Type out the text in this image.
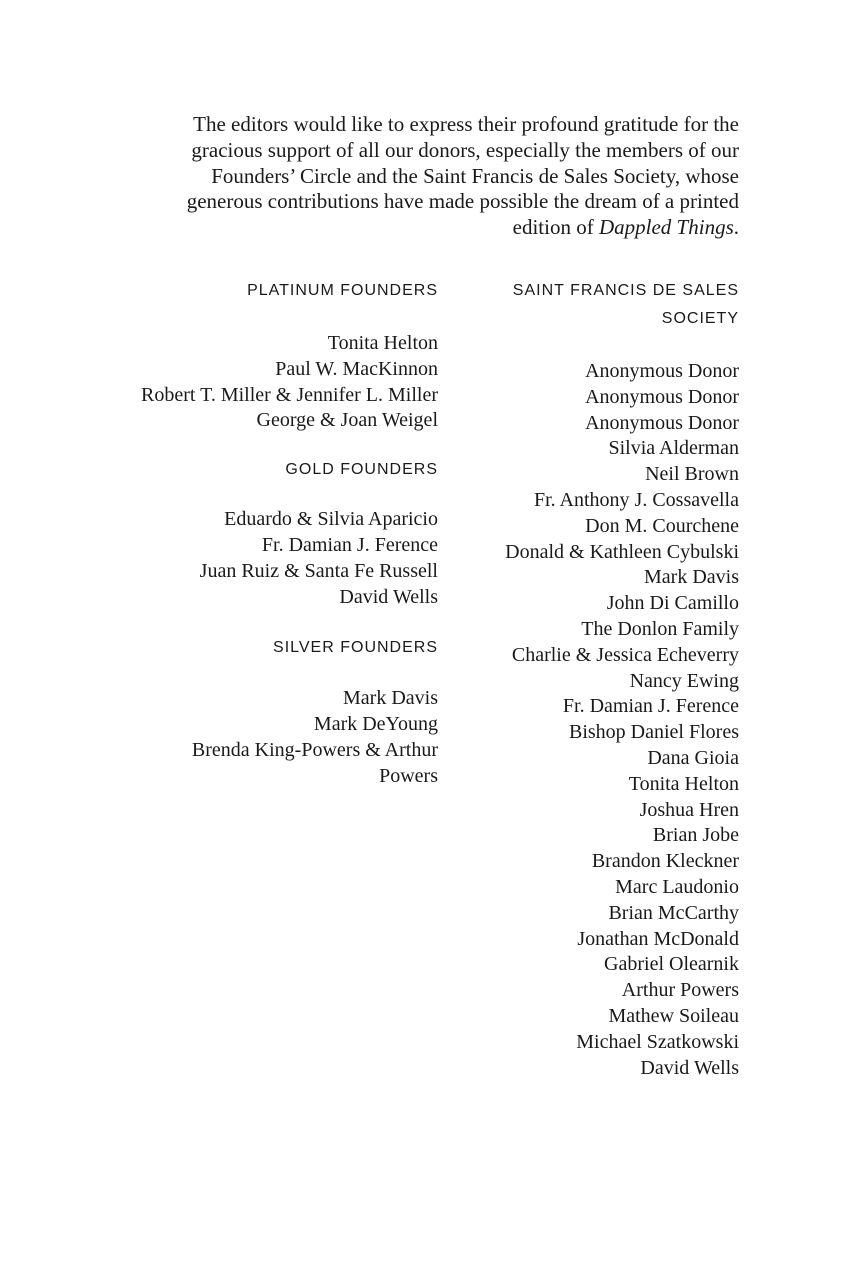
The editors would like to express their profound gratitude for the gracious support of all our donors, especially the members of our Founders’ Circle and the Saint Francis de Sales Society, whose generous contributions have made possible the dream of a printed edition of Dappled Things.

PLATINUM FOUNDERS
Tonita Helton
Paul W. MacKinnon
Robert T. Miller & Jennifer L. Miller
George & Joan Weigel
GOLD FOUNDERS
Eduardo & Silvia Aparicio
Fr. Damian J. Ference
Juan Ruiz & Santa Fe Russell
David Wells
SILVER FOUNDERS
Mark Davis
Mark DeYoung
Brenda King-Powers & Arthur Powers
SAINT FRANCIS DE SALES SOCIETY
Anonymous Donor
Anonymous Donor
Anonymous Donor
Silvia Alderman
Neil Brown
Fr. Anthony J. Cossavella
Don M. Courchene
Donald & Kathleen Cybulski
Mark Davis
John Di Camillo
The Donlon Family
Charlie & Jessica Echeverry
Nancy Ewing
Fr. Damian J. Ference
Bishop Daniel Flores
Dana Gioia
Tonita Helton
Joshua Hren
Brian Jobe
Brandon Kleckner
Marc Laudonio
Brian McCarthy
Jonathan McDonald
Gabriel Olearnik
Arthur Powers
Mathew Soileau
Michael Szatkowski
David Wells
